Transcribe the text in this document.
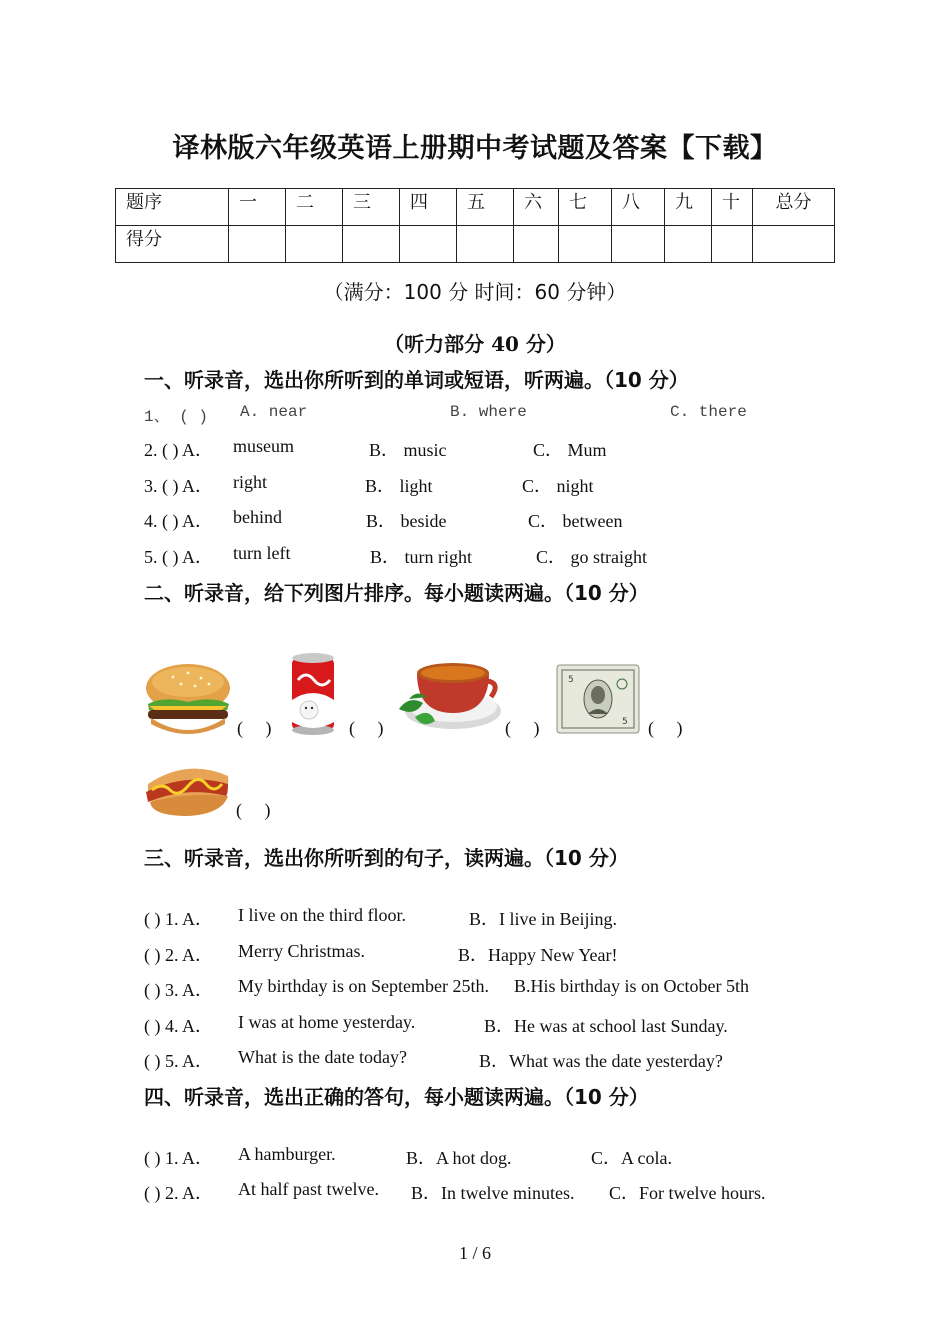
译林版六年级英语上册期中考试题及答案【下载】
题序	一	二	三	四	五	六	七	八	九	十	总分
得分											
（满分：100 分 时间：60 分钟）
（听力部分 40 分）
一、听录音，选出你所听到的单词或短语，听两遍。（10 分）
1、 ( ) A. near	B. where	C. there
2. ( ) A． museum	B． music	C． Mum
3. ( ) A． right	B． light	C． night
4. ( ) A． behind	B． beside	C． between
5. ( ) A． turn left	B． turn right	C． go straight
二、听录音，给下列图片排序。每小题读两遍。（10 分）
(     )	(     )	(     )
5
5 (     )
(     )
三、听录音，选出你所听到的句子，读两遍。（10 分）
( ) 1. A． I live on the third floor.	B．I live in Beijing.
( ) 2. A． Merry Christmas.	B．Happy New Year!
( ) 3. A． My birthday is on September 25th. B.His birthday is on October 5th
( ) 4. A． I was at home yesterday.	B．He was at school last Sunday.
( ) 5. A． What is the date today?	B．What was the date yesterday?
四、听录音，选出正确的答句，每小题读两遍。（10 分）
( ) 1. A． A hamburger.	B．A hot dog.	C．A cola.
( ) 2. A． At half past twelve. B．In twelve minutes. C．For twelve hours.
1 / 6
